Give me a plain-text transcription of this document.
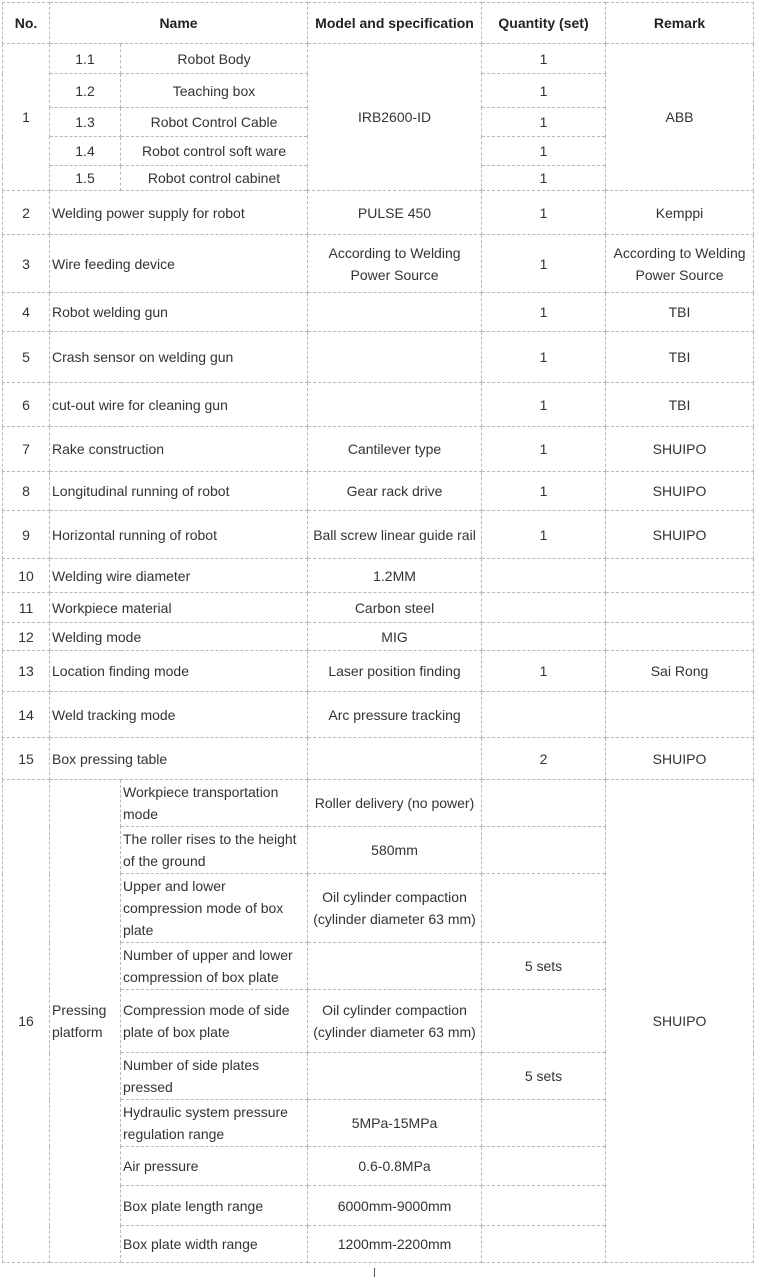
No.	Name		Model and specification	Quantity (set)	Remark
1	1.1	Robot Body	IRB2600-ID	1	ABB
	1.2	Teaching box		1	
	1.3	Robot Control Cable		1	
	1.4	Robot control soft ware		1	
	1.5	Robot control cabinet		1	
2	Welding power supply for robot		PULSE 450	1	Kemppi
3	Wire feeding device		According to Welding Power Source	1	According to Welding Power Source
4	Robot welding gun			1	TBI
5	Crash sensor on welding gun			1	TBI
6	cut-out wire for cleaning gun			1	TBI
7	Rake construction		Cantilever type	1	SHUIPO
8	Longitudinal running of robot		Gear rack drive	1	SHUIPO
9	Horizontal running of robot		Ball screw linear guide rail	1	SHUIPO
10	Welding wire diameter		1.2MM		
11	Workpiece material		Carbon steel		
12	Welding mode		MIG		
13	Location finding mode		Laser position finding	1	Sai Rong
14	Weld tracking mode		Arc pressure tracking		
15	Box pressing table			2	SHUIPO
16	Pressing platform	Workpiece transportation mode	Roller delivery (no power)		SHUIPO
		The roller rises to the height of the ground	580mm		
		Upper and lower compression mode of box plate	Oil cylinder compaction (cylinder diameter 63 mm)		
		Number of upper and lower compression of box plate		5 sets	
		Compression mode of side plate of box plate	Oil cylinder compaction (cylinder diameter 63 mm)		
		Number of side plates pressed		5 sets	
		Hydraulic system pressure regulation range	5MPa-15MPa		
		Air pressure	0.6-0.8MPa		
		Box plate length range	6000mm-9000mm		
		Box plate width range	1200mm-2200mm		
